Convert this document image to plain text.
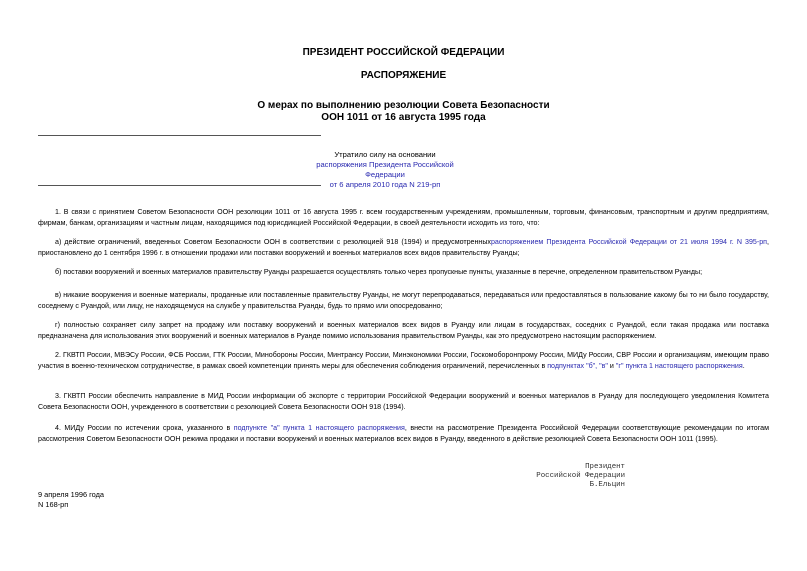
ПРЕЗИДЕНТ РОССИЙСКОЙ ФЕДЕРАЦИИ
РАСПОРЯЖЕНИЕ
О мерах по выполнению резолюции Совета Безопасности
ООН 1011 от 16 августа 1995 года
Утратило силу на основании
распоряжения Президента Российской Федерации
от 6 апреля 2010 года N 219-рп
1. В связи с принятием Советом Безопасности ООН резолюции 1011 от 16 августа 1995 г. всем государственным учреждениям, промышленным, торговым, финансовым, транспортным и другим предприятиям, фирмам, банкам, организациям и частным лицам, находящимся под юрисдикцией Российской Федерации, в своей деятельности исходить из того, что:
а) действие ограничений, введенных Советом Безопасности ООН в соответствии с резолюцией 918 (1994) и предусмотренныхраспоряжением Президента Российской Федерации от 21 июля 1994 г. N 395-рп, приостановлено до 1 сентября 1996 г. в отношении продажи или поставки вооружений и военных материалов всех видов правительству Руанды;
б) поставки вооружений и военных материалов правительству Руанды разрешается осуществлять только через пропускные пункты, указанные в перечне, определенном правительством Руанды;
в) никакие вооружения и военные материалы, проданные или поставленные правительству Руанды, не могут перепродаваться, передаваться или предоставляться в пользование какому бы то ни было государству, соседнему с Руандой, или лицу, не находящемуся на службе у правительства Руанды, будь то прямо или опосредованно;
г) полностью сохраняет силу запрет на продажу или поставку вооружений и военных материалов всех видов в Руанду или лицам в государствах, соседних с Руандой, если такая продажа или поставка предназначена для использования этих вооружений и военных материалов в Руанде помимо использования правительством Руанды, как это предусмотрено настоящим распоряжением.
2. ГКВТП России, МВЭСу России, ФСБ России, ГТК России, Минобороны России, Минтрансу России, Минэкономики России, Госкомоборонпрому России, МИДу России, СВР России и организациям, имеющим право участия в военно-техническом сотрудничестве, в рамках своей компетенции принять меры для обеспечения соблюдения ограничений, перечисленных в подпунктах "б", "в" и "г" пункта 1 настоящего распоряжения.
3. ГКВТП России обеспечить направление в МИД России информации об экспорте с территории Российской Федерации вооружений и военных материалов в Руанду для последующего уведомления Комитета Совета Безопасности ООН, учрежденного в соответствии с резолюцией Совета Безопасности ООН 918 (1994).
4. МИДу России по истечении срока, указанного в подпункте "а" пункта 1 настоящего распоряжения, внести на рассмотрение Президента Российской Федерации соответствующие рекомендации по итогам рассмотрения Советом Безопасности ООН режима продажи и поставки вооружений и военных материалов всех видов в Руанду, введенного в действие резолюцией Совета Безопасности ООН 1011 (1995).
Президент
Российской Федерации
Б.Ельцин
9 апреля 1996 года
N 168-рп
